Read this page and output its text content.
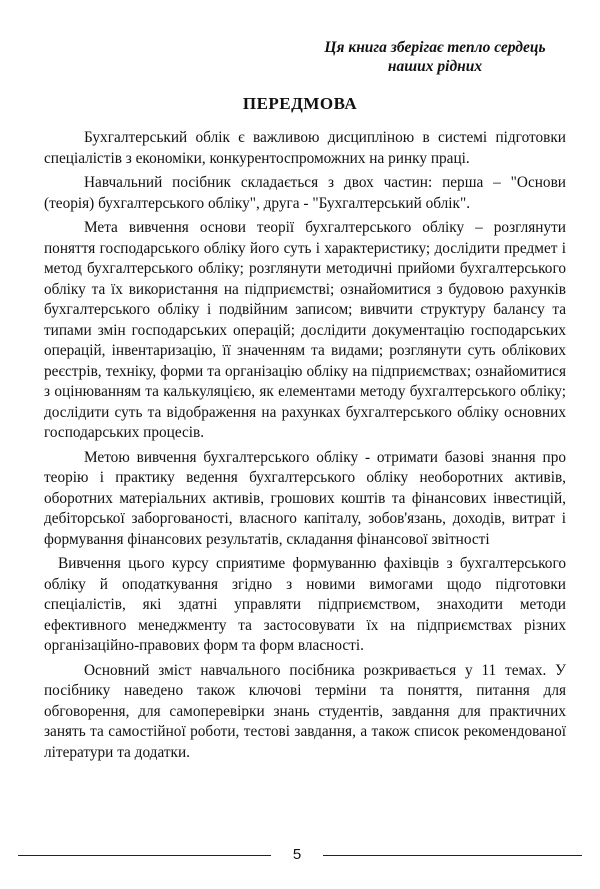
Ця книга зберігає тепло сердець
наших рідних
ПЕРЕДМОВА

Бухгалтерський облік є важливою дисципліною в системі підготовки спеціалістів з економіки, конкурентоспроможних на ринку праці.

Навчальний посібник складається з двох частин: перша – "Основи (теорія) бухгалтерського обліку", друга - "Бухгалтерський облік".

Мета вивчення основи теорії бухгалтерського обліку – розглянути поняття господарського обліку його суть і характеристику; дослідити предмет і метод бухгалтерського обліку; розглянути методичні прийоми бухгалтерського обліку та їх використання на підприємстві; ознайомитися з будовою рахунків бухгалтерського обліку і подвійним записом; вивчити структуру балансу та типами змін господарських операцій; дослідити документацію господарських операцій, інвентаризацію, її значенням та видами; розглянути суть облікових реєстрів, техніку, форми та організацію обліку на підприємствах; ознайомитися з оцінюванням та калькуляцією, як елементами методу бухгалтерського обліку; дослідити суть та відображення на рахунках бухгалтерського обліку основних господарських процесів.

Метою вивчення бухгалтерського обліку - отримати базові знання про теорію і практику ведення бухгалтерського обліку необоротних активів, оборотних матеріальних активів, грошових коштів та фінансових інвестицій, дебіторської заборгованості, власного капіталу, зобов'язань, доходів, витрат і формування фінансових результатів, складання фінансової звітності

Вивчення цього курсу сприятиме формуванню фахівців з бухгалтерського обліку й оподаткування згідно з новими вимогами щодо підготовки спеціалістів, які здатні управляти підприємством, знаходити методи ефективного менеджменту та застосовувати їх на підприємствах різних організаційно-правових форм та форм власності.

Основний зміст навчального посібника розкривається у 11 темах. У посібнику наведено також ключові терміни та поняття, питання для обговорення, для самоперевірки знань студентів, завдання для практичних занять та самостійної роботи, тестові завдання, а також список рекомендованої літератури та додатки.

5
